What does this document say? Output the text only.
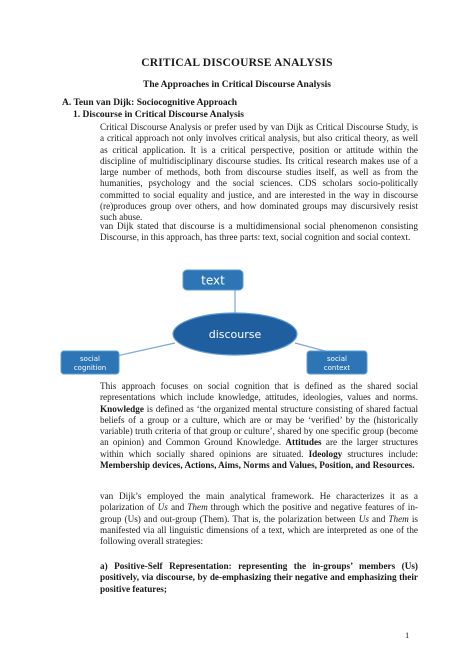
CRITICAL DISCOURSE ANALYSIS
The Approaches in Critical Discourse Analysis
A. Teun van Dijk: Sociocognitive Approach
1. Discourse in Critical Discourse Analysis
Critical Discourse Analysis or prefer used by van Dijk as Critical Discourse Study, is a critical approach not only involves critical analysis, but also critical theory, as well as critical application. It is a critical perspective, position or attitude within the discipline of multidisciplinary discourse studies. Its critical research makes use of a large number of methods, both from discourse studies itself, as well as from the humanities, psychology and the social sciences. CDS scholars socio-politically committed to social equality and justice, and are interested in the way in discourse (re)produces group over others, and how dominated groups may discursively resist such abuse.
van Dijk stated that discourse is a multidimensional social phenomenon consisting Discourse, in this approach, has three parts: text, social cognition and social context.
text
discourse
social
cognition
social
context
This approach focuses on social cognition that is defined as the shared social representations which include knowledge, attitudes, ideologies, values and norms. Knowledge is defined as ‘the organized mental structure consisting of shared factual beliefs of a group or a culture, which are or may be ‘verified’ by the (historically variable) truth criteria of that group or culture’, shared by one specific group (become an opinion) and Common Ground Knowledge. Attitudes are the larger structures within which socially shared opinions are situated. Ideology structures include: Membership devices, Actions, Aims, Norms and Values, Position, and Resources.
van Dijk’s employed the main analytical framework. He characterizes it as a polarization of Us and Them through which the positive and negative features of in-group (Us) and out-group (Them). That is, the polarization between Us and Them is manifested via all linguistic dimensions of a text, which are interpreted as one of the following overall strategies:
a) Positive-Self Representation: representing the in-groups’ members (Us) positively, via discourse, by de-emphasizing their negative and emphasizing their positive features;
1
